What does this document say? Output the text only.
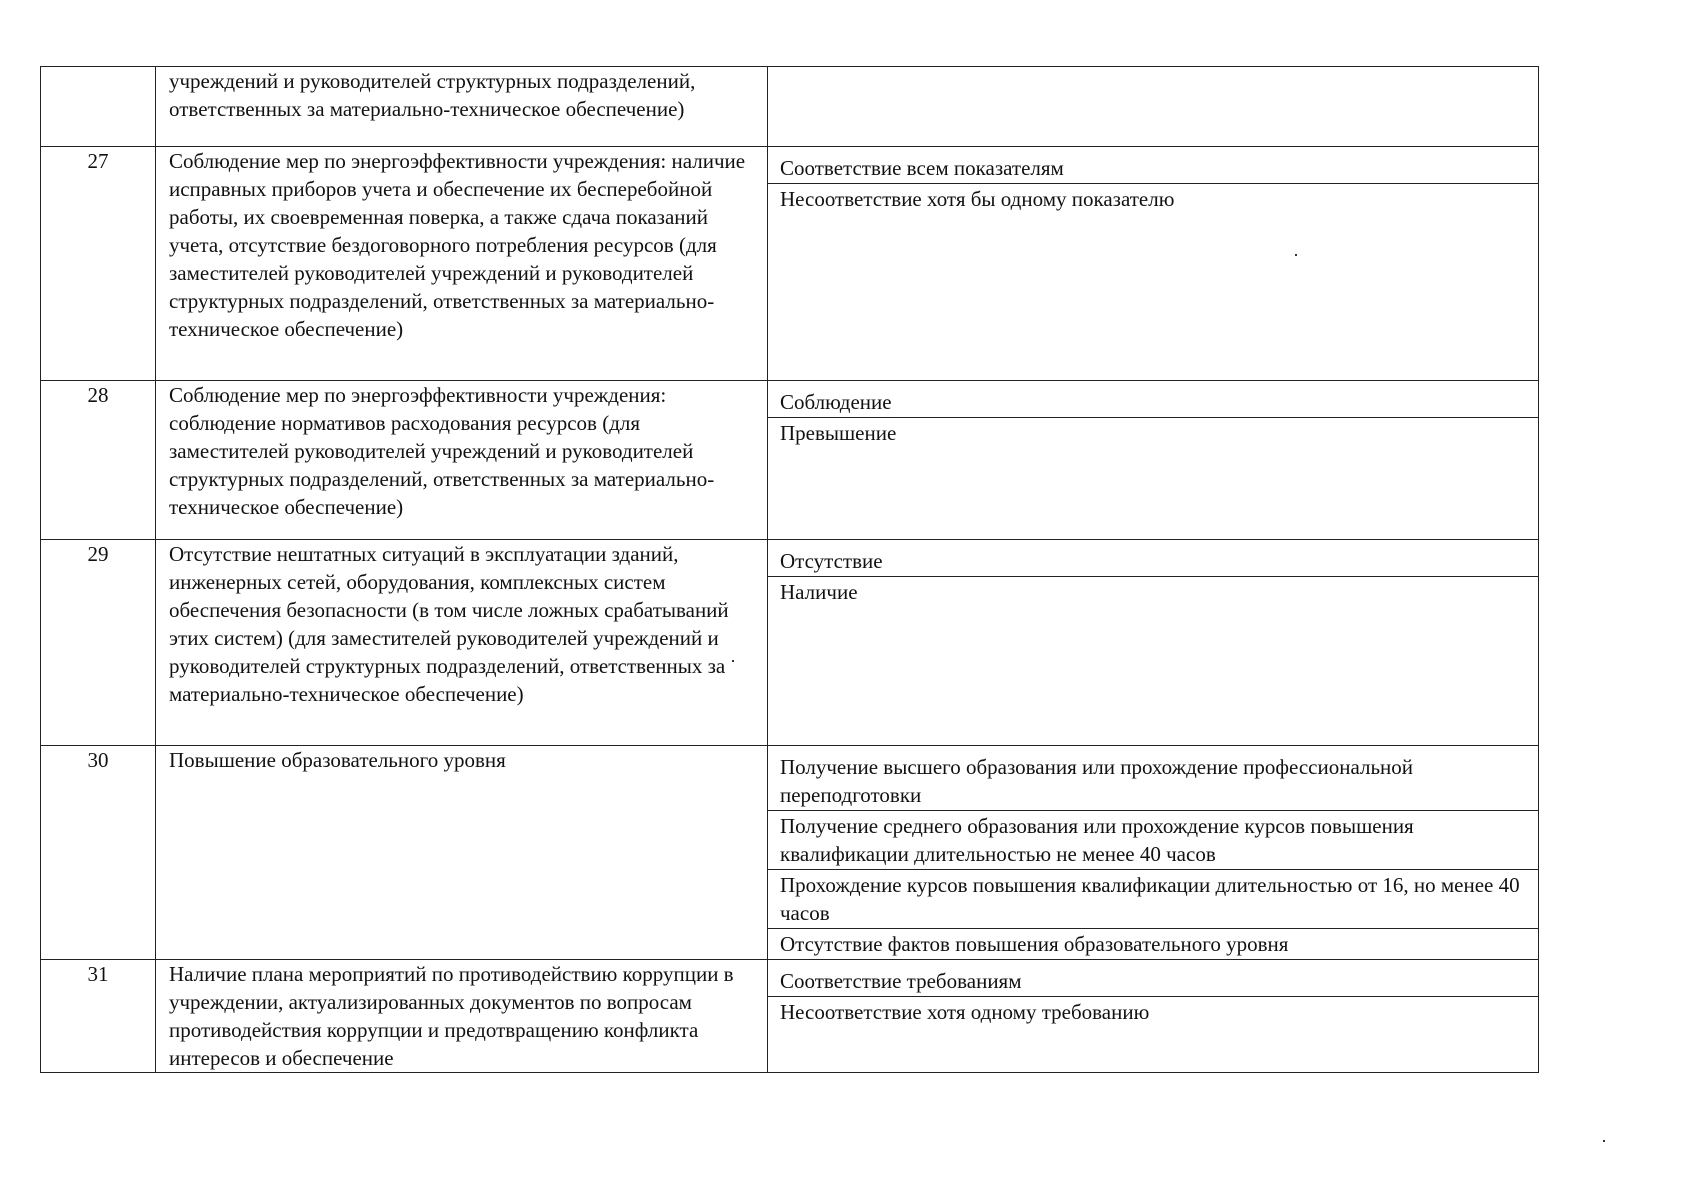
	учреждений и руководителей структурных подразделений, ответственных за материально-техническое обеспечение)	
27	Соблюдение мер по энергоэффективности учреждения: наличие исправных приборов учета и обеспечение их бесперебойной работы, их своевременная поверка, а также сдача показаний учета, отсутствие бездоговорного потребления ресурсов (для заместителей руководителей учреждений и руководителей структурных подразделений, ответственных за материально-техническое обеспечение)	Соответствие всем показателям
Несоответствие хотя бы одному показателю

28	Соблюдение мер по энергоэффективности учреждения: соблюдение нормативов расходования ресурсов (для заместителей руководителей учреждений и руководителей структурных подразделений, ответственных за материально-техническое обеспечение)	Соблюдение
Превышение

29	Отсутствие нештатных ситуаций в эксплуатации зданий, инженерных сетей, оборудования, комплексных систем обеспечения безопасности (в том числе ложных срабатываний этих систем) (для заместителей руководителей учреждений и руководителей структурных подразделений, ответственных за материально-техническое обеспечение)	Отсутствие
Наличие

30	Повышение образовательного уровня	Получение высшего образования или прохождение профессиональной переподготовки
Получение среднего образования или прохождение курсов повышения квалификации длительностью не менее 40 часов
Прохождение курсов повышения квалификации длительностью от 16, но менее 40 часов
Отсутствие фактов повышения образовательного уровня

31	Наличие плана мероприятий по противодействию коррупции в учреждении, актуализированных документов по вопросам противодействия коррупции и предотвращению конфликта интересов и обеспечение	Соответствие требованиям
Несоответствие хотя одному требованию
